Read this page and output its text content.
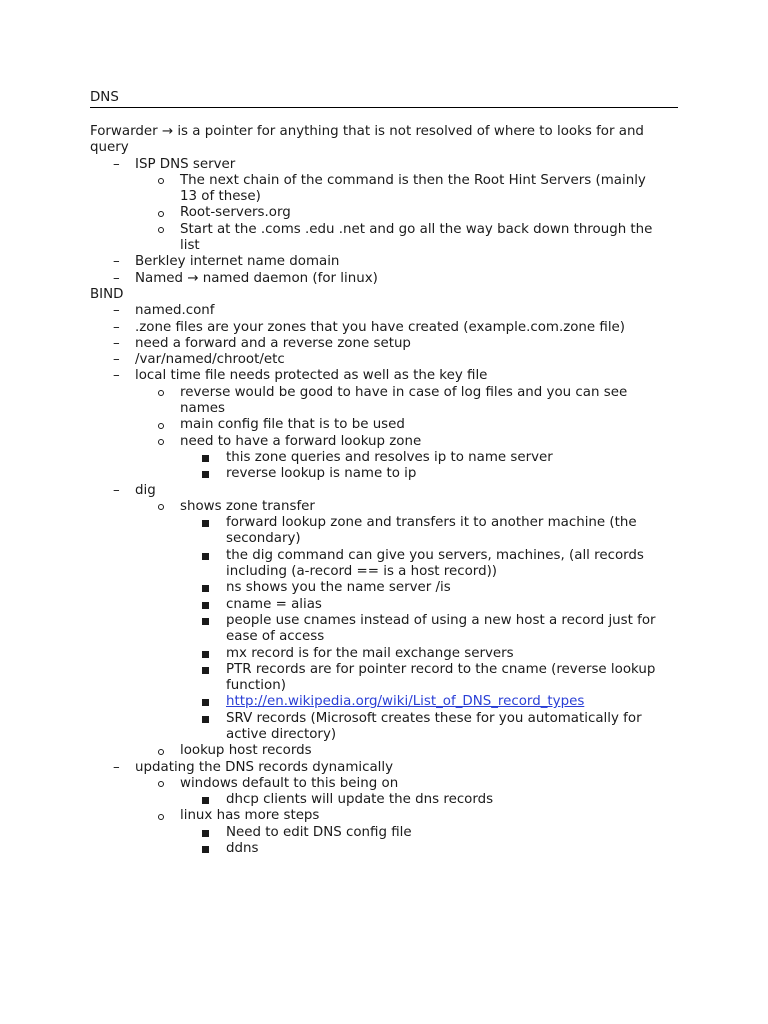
DNS
Forwarder → is a pointer for anything that is not resolved of where to looks for and
query
– ISP DNS server
The next chain of the command is then the Root Hint Servers (mainly
13 of these)
Root-servers.org
Start at the .coms .edu .net and go all the way back down through the
list
– Berkley internet name domain
– Named → named daemon (for linux)
BIND
– named.conf
– .zone files are your zones that you have created (example.com.zone file)
– need a forward and a reverse zone setup
– /var/named/chroot/etc
– local time file needs protected as well as the key file
reverse would be good to have in case of log files and you can see
names
main config file that is to be used
need to have a forward lookup zone
this zone queries and resolves ip to name server
reverse lookup is name to ip
– dig
shows zone transfer
forward lookup zone and transfers it to another machine (the
secondary)
the dig command can give you servers, machines, (all records
including (a-record == is a host record))
ns shows you the name server /is
cname = alias
people use cnames instead of using a new host a record just for
ease of access
mx record is for the mail exchange servers
PTR records are for pointer record to the cname (reverse lookup
function)
http://en.wikipedia.org/wiki/List_of_DNS_record_types
SRV records (Microsoft creates these for you automatically for
active directory)
lookup host records
– updating the DNS records dynamically
windows default to this being on
dhcp clients will update the dns records
linux has more steps
Need to edit DNS config file
ddns
